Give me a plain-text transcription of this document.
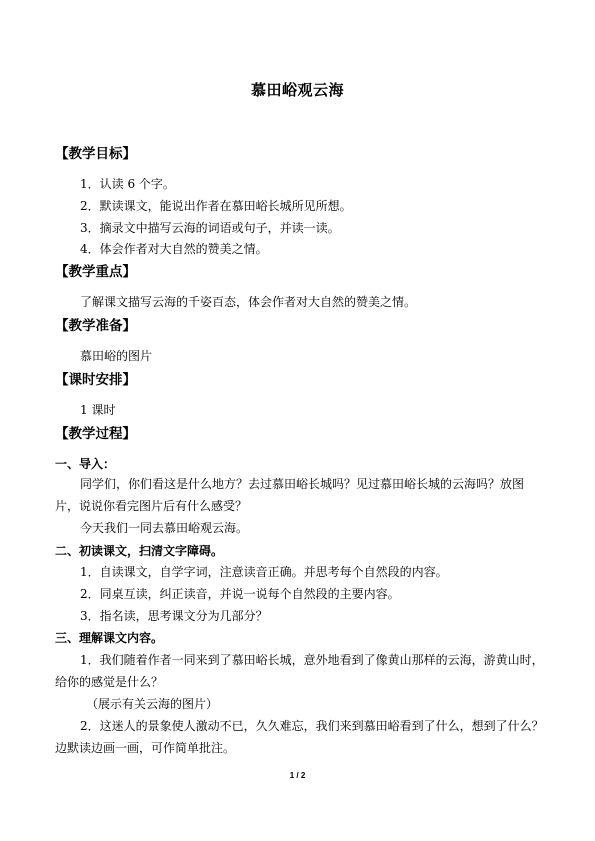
慕田峪观云海
【教学目标】
1．认读 6 个字。
2．默读课文，能说出作者在慕田峪长城所见所想。
3．摘录文中描写云海的词语或句子，并读一读。
4．体会作者对大自然的赞美之情。
【教学重点】
了解课文描写云海的千姿百态，体会作者对大自然的赞美之情。
【教学准备】
慕田峪的图片
【课时安排】
1 课时
【教学过程】
一、导入：
同学们，你们看这是什么地方？去过慕田峪长城吗？见过慕田峪长城的云海吗？放图
片，说说你看完图片后有什么感受？
今天我们一同去慕田峪观云海。
二、初读课文，扫清文字障碍。
1．自读课文，自学字词，注意读音正确。并思考每个自然段的内容。
2．同桌互读，纠正读音，并说一说每个自然段的主要内容。
3．指名读，思考课文分为几部分？
三、理解课文内容。
1．我们随着作者一同来到了慕田峪长城，意外地看到了像黄山那样的云海，游黄山时，
给你的感觉是什么？
（展示有关云海的图片）
2．这迷人的景象使人激动不已，久久难忘，我们来到慕田峪看到了什么，想到了什么？
边默读边画一画，可作简单批注。
1 / 2
